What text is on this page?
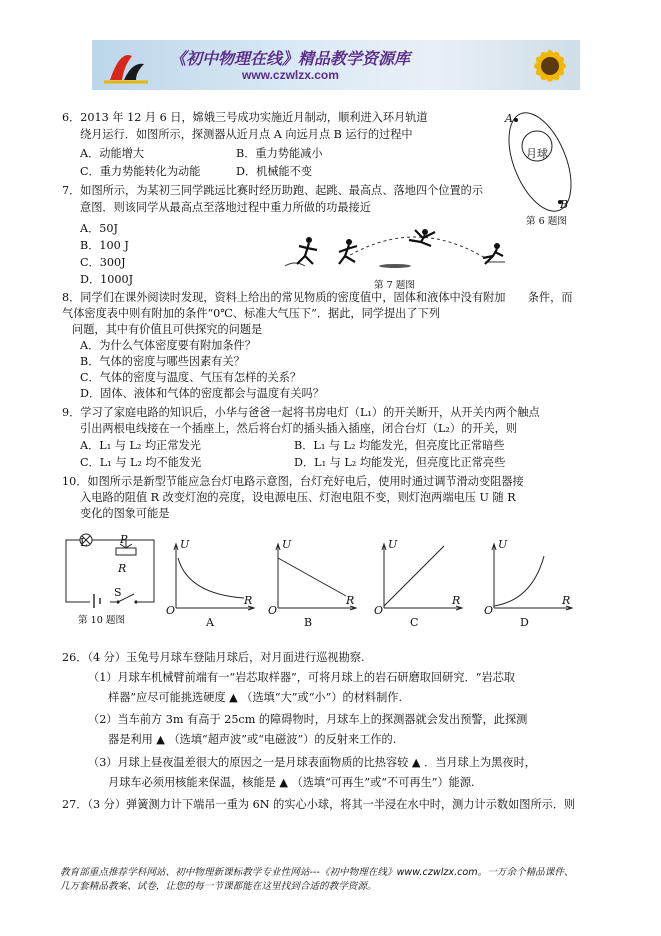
《初中物理在线》精品教学资源库
www.czwlzx.com
6．2013 年 12 月 6 日，嫦娥三号成功实施近月制动，顺利进入环月轨道
绕月运行．如图所示，探测器从近月点 A 向远月点 B 运行的过程中
A．动能增大	B．重力势能减小
C．重力势能转化为动能	D．机械能不变
A
B
月球
第 6 题图
7．如图所示，为某初三同学跳远比赛时经历助跑、起跳、最高点、落地四个位置的示
意图．则该同学从最高点至落地过程中重力所做的功最接近
A．50J
B．100 J
C．300J
D．1000J	第 7 题图
8．同学们在课外阅读时发现，资料上给出的常见物质的密度值中，固体和液体中没有附加　　条件，而
气体密度表中则有附加的条件“0℃、标准大气压下”．据此，同学提出了下列
问题，其中有价值且可供探究的问题是
A．为什么气体密度要有附加条件？
B．气体的密度与哪些因素有关？
C．气体的密度与温度、气压有怎样的关系？
D．固体、液体和气体的密度都会与温度有关吗？
9．学习了家庭电路的知识后，小华与爸爸一起将书房电灯（L₁）的开关断开，从开关内两个触点
引出两根电线接在一个插座上，然后将台灯的插头插入插座，闭合台灯（L₂）的开关，则
A．L₁ 与 L₂ 均正常发光	B．L₁ 与 L₂ 均能发光，但亮度比正常暗些
C．L₁ 与 L₂ 均不能发光	D．L₁ 与 L₂ 均能发光，但亮度比正常亮些
10．如图所示是新型节能应急台灯电路示意图，台灯充好电后，使用时通过调节滑动变阻器接
入电路的阻值 R 改变灯泡的亮度，设电源电压、灯泡电阻不变，则灯泡两端电压 U 随 R
变化的图象可能是
L	P
R
S
第 10 题图
U
R
O
A
U
R
O
B
U
R
O
C
U
R
O
D
26．（4 分）玉兔号月球车登陆月球后，对月面进行巡视勘察.
（1）月球车机械臂前端有一“岩芯取样器”，可将月球上的岩石研磨取回研究．“岩芯取
样器”应尽可能挑选硬度 ▲ （选填“大”或“小”）的材料制作.
（2）当车前方 3m 有高于 25cm 的障碍物时，月球车上的探测器就会发出预警，此探测
器是利用 ▲ （选填“超声波”或“电磁波”）的反射来工作的.
（3）月球上昼夜温差很大的原因之一是月球表面物质的比热容较 ▲ ．当月球上为黑夜时，
月球车必须用核能来保温，核能是 ▲ （选填“可再生”或“不可再生”）能源.
27．（3 分）弹簧测力计下端吊一重为 6N 的实心小球，将其一半浸在水中时，测力计示数如图所示．则
教育部重点推荐学科网站、初中物理新课标教学专业性网站---《初中物理在线》www.czwlzx.com。一万余个精品课件、
几万套精品教案、试卷，让您的每一节课都能在这里找到合适的教学资源。
